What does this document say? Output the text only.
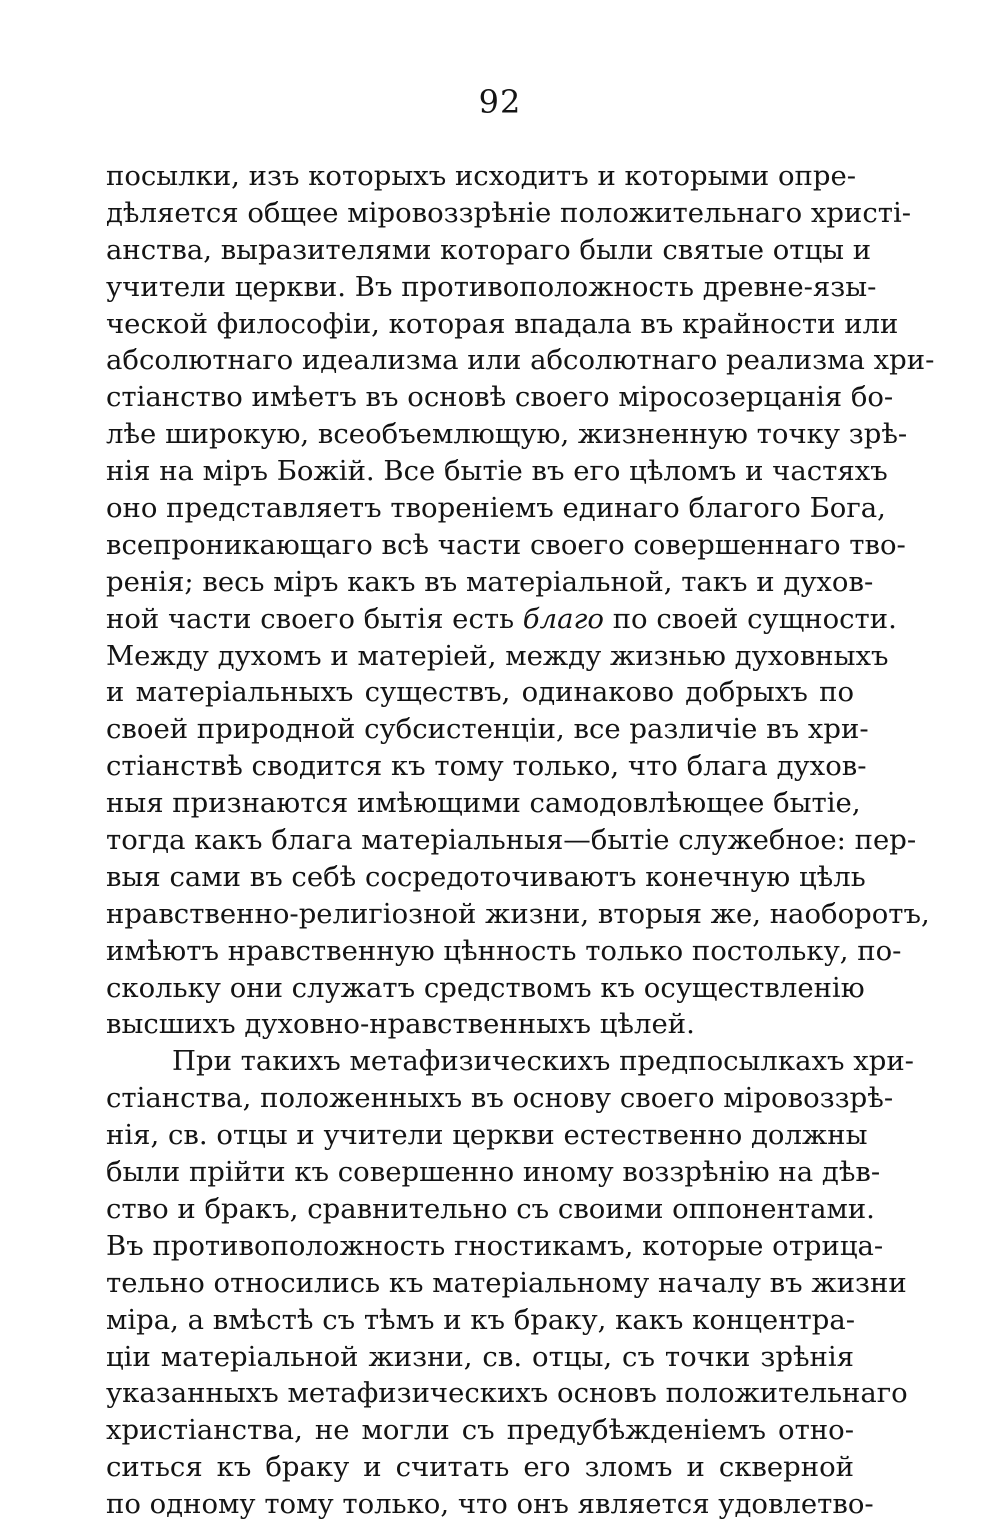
92
посылки, изъ которыхъ исходитъ и которыми опре-
дѣляется общее міровоззрѣніе положительнаго христі-
анства, выразителями котораго были святые отцы и
учители церкви. Въ противоположность древне-язы-
ческой философіи, которая впадала въ крайности или
абсолютнаго идеализма или абсолютнаго реализма хри-
стіанство имѣетъ въ основѣ своего міросозерцанія бо-
лѣе широкую, всеобъемлющую, жизненную точку зрѣ-
нія на міръ Божій. Все бытіе въ его цѣломъ и частяхъ
оно представляетъ твореніемъ единаго благого Бога,
всепроникающаго всѣ части своего совершеннаго тво-
ренія; весь міръ какъ въ матеріальной, такъ и духов-
ной части своего бытія есть благо по своей сущности.
Между духомъ и матеріей, между жизнью духовныхъ
и матеріальныхъ существъ, одинаково добрыхъ по
своей природной субсистенціи, все различіе въ хри-
стіанствѣ сводится къ тому только, что блага духов-
ныя признаются имѣющими самодовлѣющее бытіе,
тогда какъ блага матеріальныя—бытіе служебное: пер-
выя сами въ себѣ сосредоточиваютъ конечную цѣль
нравственно-религіозной жизни, вторыя же, наоборотъ,
имѣютъ нравственную цѣнность только постольку, по-
скольку они служатъ средствомъ къ осуществленію
высшихъ духовно-нравственныхъ цѣлей.
При такихъ метафизическихъ предпосылкахъ хри-
стіанства, положенныхъ въ основу своего міровоззрѣ-
нія, св. отцы и учители церкви естественно должны
были прійти къ совершенно иному воззрѣнію на дѣв-
ство и бракъ, сравнительно съ своими оппонентами.
Въ противоположность гностикамъ, которые отрица-
тельно относились къ матеріальному началу въ жизни
міра, а вмѣстѣ съ тѣмъ и къ браку, какъ концентра-
ціи матеріальной жизни, св. отцы, съ точки зрѣнія
указанныхъ метафизическихъ основъ положительнаго
христіанства, не могли съ предубѣжденіемъ отно-
ситься къ браку и считать его зломъ и скверной
по одному тому только, что онъ является удовлетво-
